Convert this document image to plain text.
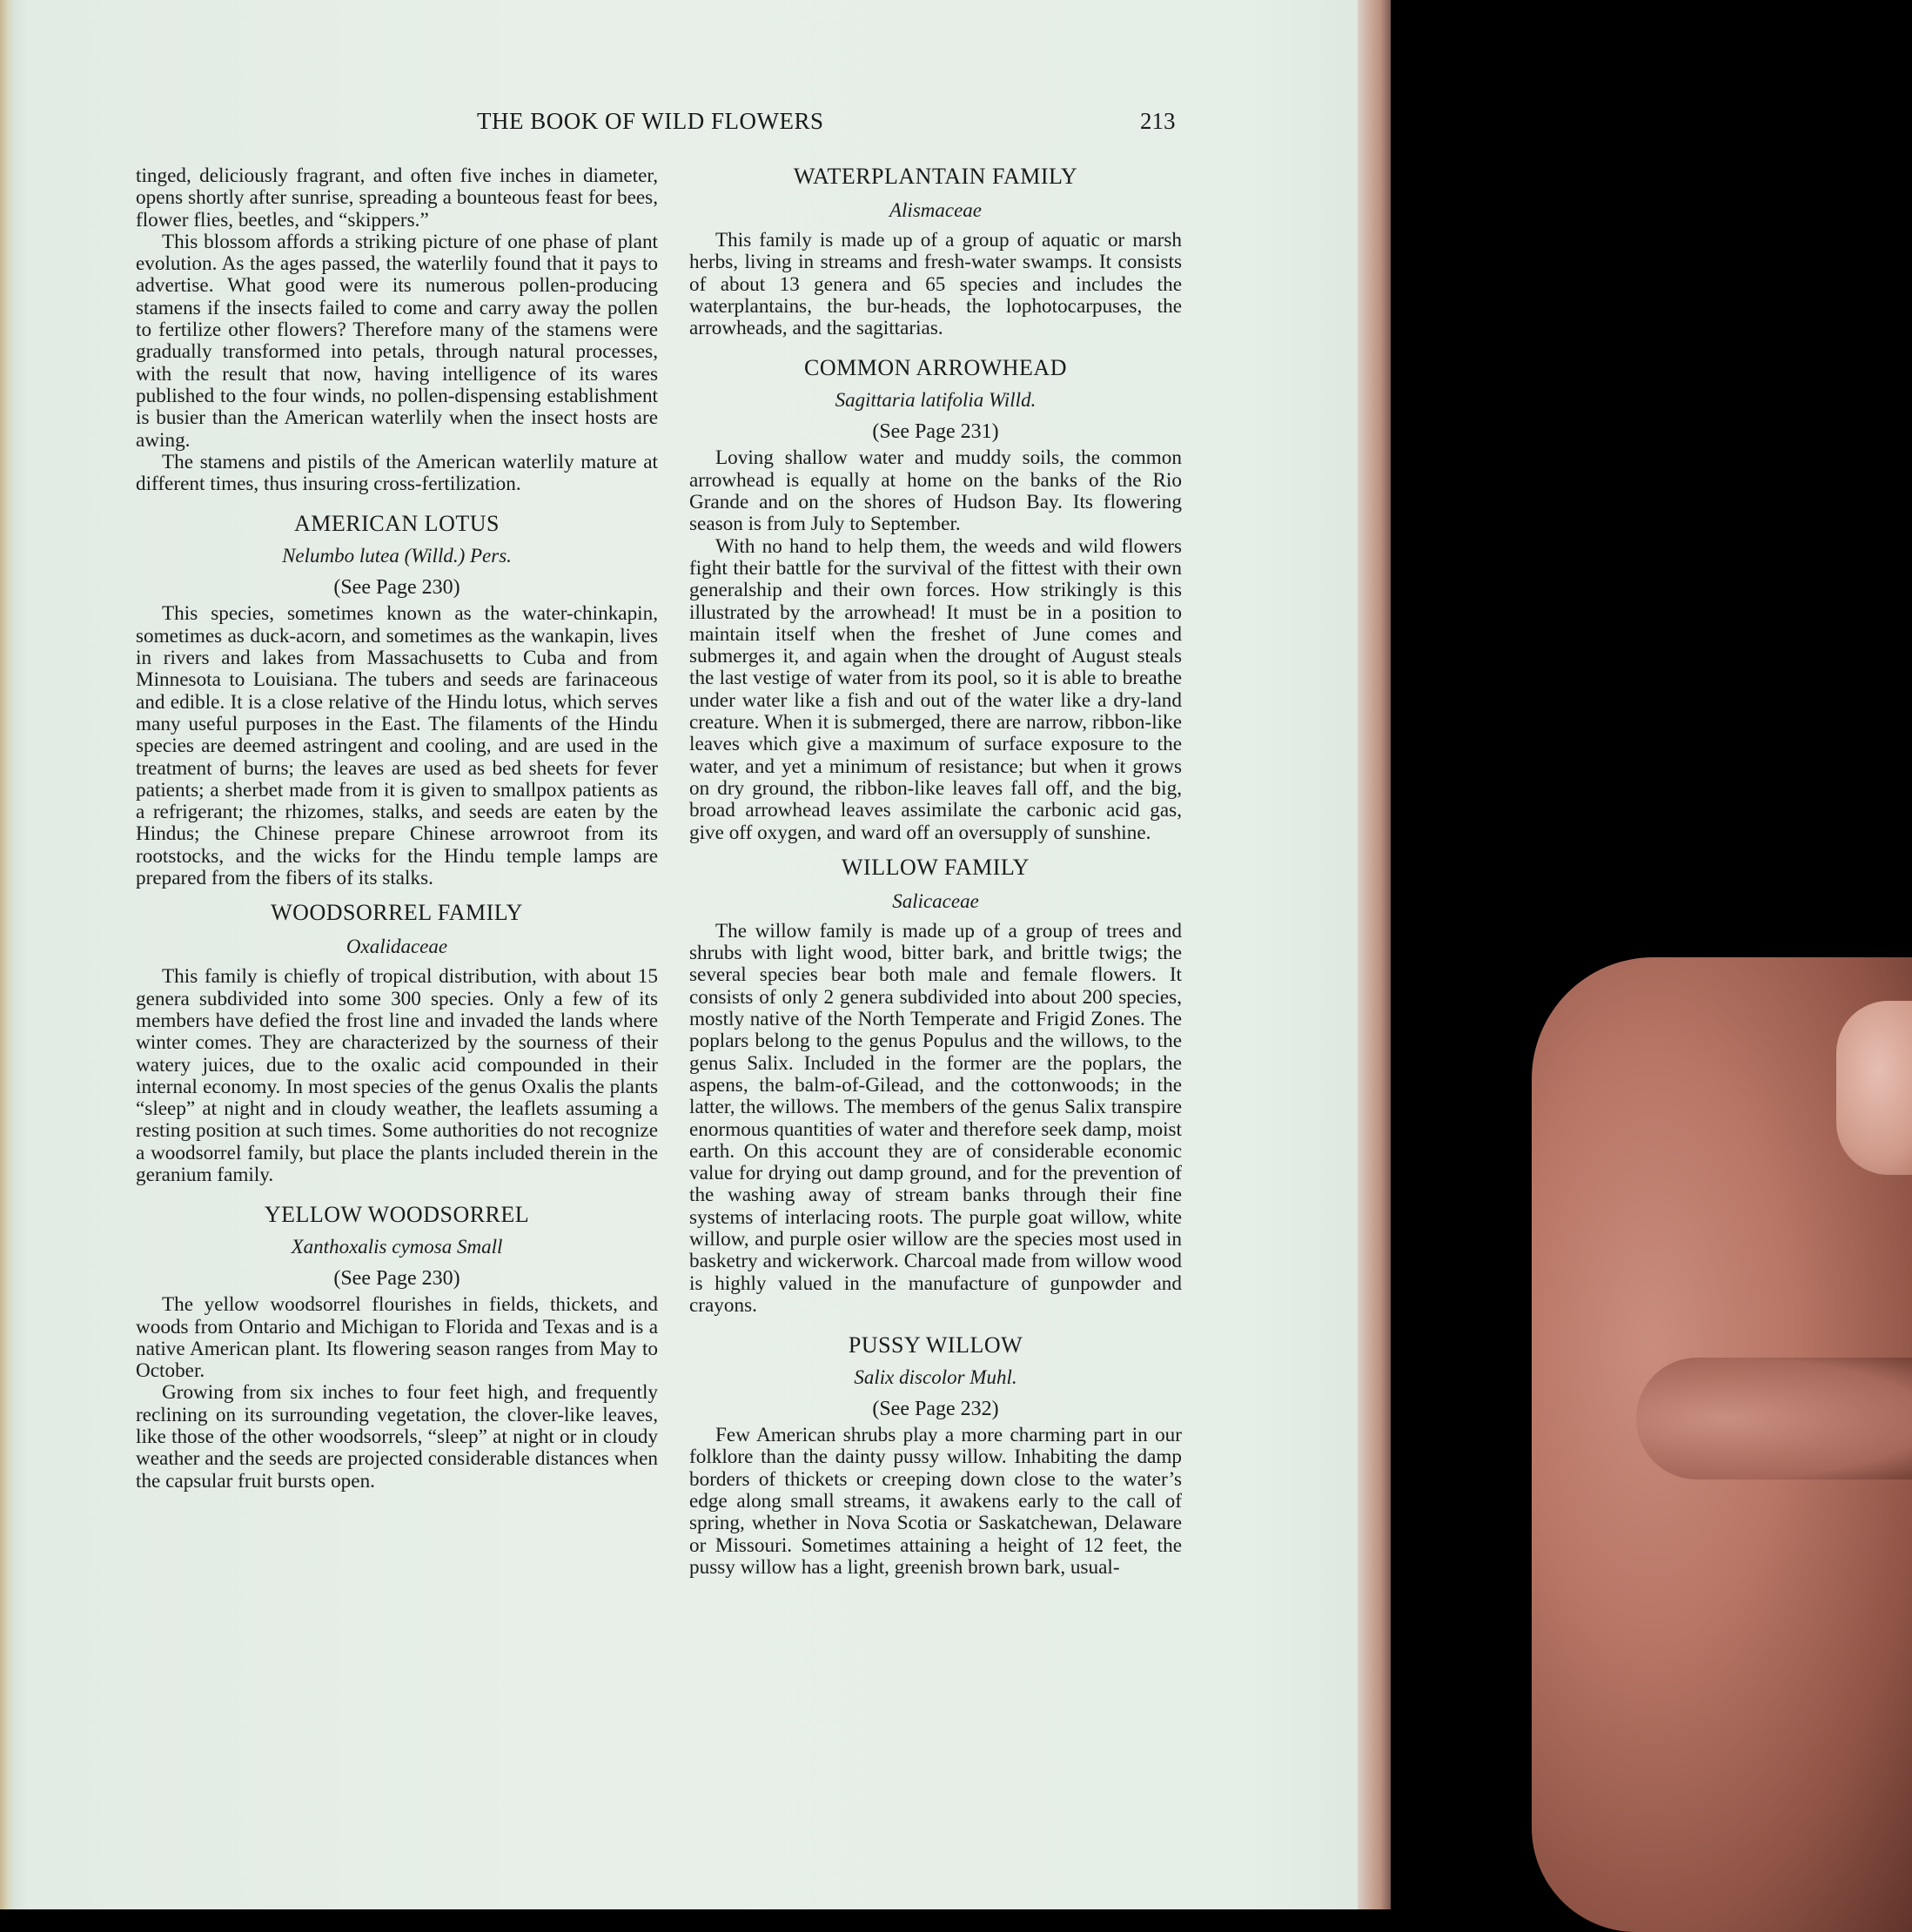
THE BOOK OF WILD FLOWERS	213

tinged, deliciously fragrant, and often five inches in diameter, opens shortly after sunrise, spreading a bounteous feast for bees, flower flies, beetles, and “skippers.”

This blossom affords a striking picture of one phase of plant evolution. As the ages passed, the waterlily found that it pays to advertise. What good were its numerous pollen-producing stamens if the insects failed to come and carry away the pollen to fertilize other flowers? Therefore many of the stamens were gradually transformed into petals, through natural processes, with the result that now, having intelligence of its wares published to the four winds, no pollen-dispensing establishment is busier than the American waterlily when the insect hosts are awing.

The stamens and pistils of the American waterlily mature at different times, thus insuring cross-fertilization.

AMERICAN LOTUS
Nelumbo lutea (Willd.) Pers.
(See Page 230)

This species, sometimes known as the water-chinkapin, sometimes as duck-acorn, and sometimes as the wankapin, lives in rivers and lakes from Massachusetts to Cuba and from Minnesota to Louisiana. The tubers and seeds are farinaceous and edible. It is a close relative of the Hindu lotus, which serves many useful purposes in the East. The filaments of the Hindu species are deemed astringent and cooling, and are used in the treatment of burns; the leaves are used as bed sheets for fever patients; a sherbet made from it is given to smallpox patients as a refrigerant; the rhizomes, stalks, and seeds are eaten by the Hindus; the Chinese prepare Chinese arrowroot from its rootstocks, and the wicks for the Hindu temple lamps are prepared from the fibers of its stalks.

WOODSORREL FAMILY
Oxalidaceae

This family is chiefly of tropical distribution, with about 15 genera subdivided into some 300 species. Only a few of its members have defied the frost line and invaded the lands where winter comes. They are characterized by the sourness of their watery juices, due to the oxalic acid compounded in their internal economy. In most species of the genus Oxalis the plants “sleep” at night and in cloudy weather, the leaflets assuming a resting position at such times. Some authorities do not recognize a woodsorrel family, but place the plants included therein in the geranium family.

YELLOW WOODSORREL
Xanthoxalis cymosa Small
(See Page 230)

The yellow woodsorrel flourishes in fields, thickets, and woods from Ontario and Michigan to Florida and Texas and is a native American plant. Its flowering season ranges from May to October.

Growing from six inches to four feet high, and frequently reclining on its surrounding vegetation, the clover-like leaves, like those of the other woodsorrels, “sleep” at night or in cloudy weather and the seeds are projected considerable distances when the capsular fruit bursts open.

WATERPLANTAIN FAMILY
Alismaceae

This family is made up of a group of aquatic or marsh herbs, living in streams and fresh-water swamps. It consists of about 13 genera and 65 species and includes the waterplantains, the bur-heads, the lophotocarpuses, the arrowheads, and the sagittarias.

COMMON ARROWHEAD
Sagittaria latifolia Willd.
(See Page 231)

Loving shallow water and muddy soils, the common arrowhead is equally at home on the banks of the Rio Grande and on the shores of Hudson Bay. Its flowering season is from July to September.

With no hand to help them, the weeds and wild flowers fight their battle for the survival of the fittest with their own generalship and their own forces. How strikingly is this illustrated by the arrowhead! It must be in a position to maintain itself when the freshet of June comes and submerges it, and again when the drought of August steals the last vestige of water from its pool, so it is able to breathe under water like a fish and out of the water like a dry-land creature. When it is submerged, there are narrow, ribbon-like leaves which give a maximum of surface exposure to the water, and yet a minimum of resistance; but when it grows on dry ground, the ribbon-like leaves fall off, and the big, broad arrowhead leaves assimilate the carbonic acid gas, give off oxygen, and ward off an oversupply of sunshine.

WILLOW FAMILY
Salicaceae

The willow family is made up of a group of trees and shrubs with light wood, bitter bark, and brittle twigs; the several species bear both male and female flowers. It consists of only 2 genera subdivided into about 200 species, mostly native of the North Temperate and Frigid Zones. The poplars belong to the genus Populus and the willows, to the genus Salix. Included in the former are the poplars, the aspens, the balm-of-Gilead, and the cottonwoods; in the latter, the willows. The members of the genus Salix transpire enormous quantities of water and therefore seek damp, moist earth. On this account they are of considerable economic value for drying out damp ground, and for the prevention of the washing away of stream banks through their fine systems of interlacing roots. The purple goat willow, white willow, and purple osier willow are the species most used in basketry and wickerwork. Charcoal made from willow wood is highly valued in the manufacture of gunpowder and crayons.

PUSSY WILLOW
Salix discolor Muhl.
(See Page 232)

Few American shrubs play a more charming part in our folklore than the dainty pussy willow. Inhabiting the damp borders of thickets or creeping down close to the water’s edge along small streams, it awakens early to the call of spring, whether in Nova Scotia or Saskatchewan, Delaware or Missouri. Sometimes attaining a height of 12 feet, the pussy willow has a light, greenish brown bark, usual-
